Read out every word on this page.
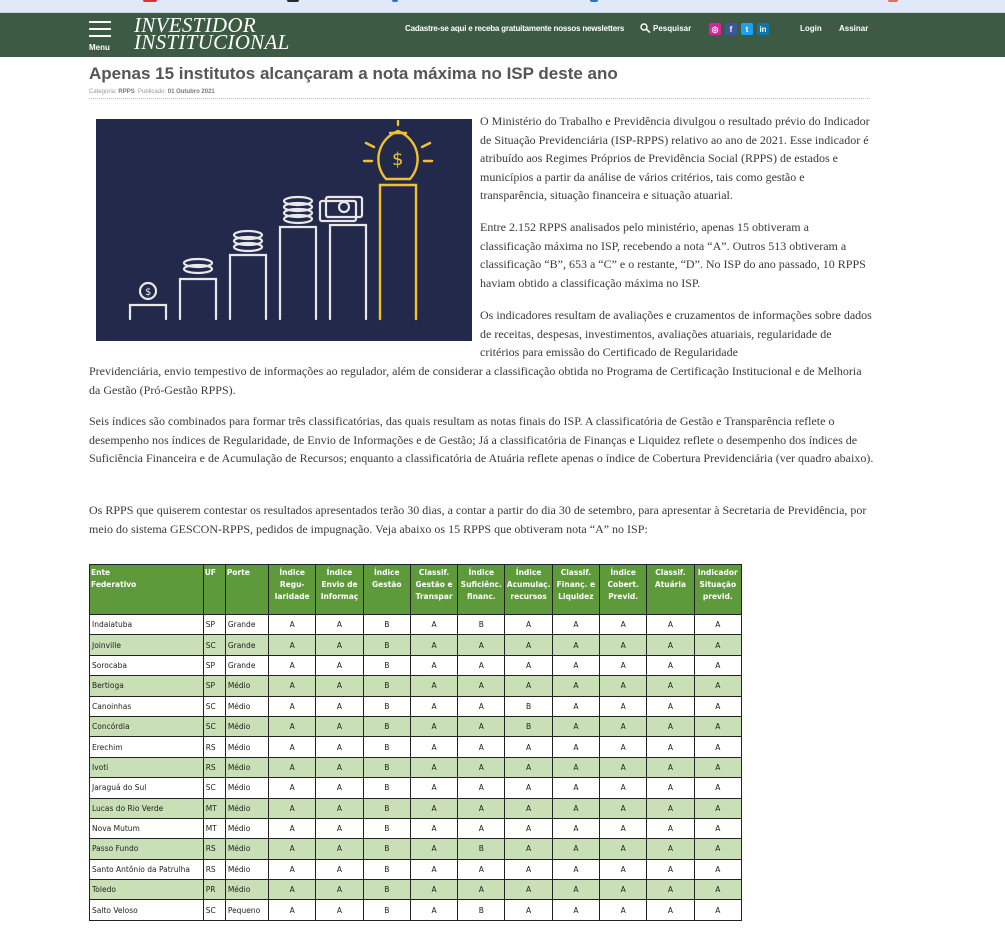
Menu
INVESTIDOR
INSTITUCIONAL
Cadastre-se aqui e receba gratuitamente nossos newsletters	Pesquisar	◎	f	t	in	Login Assinar
Apenas 15 institutos alcançaram a nota máxima no ISP deste ano
Categoria: RPPS Publicado: 01 Outubro 2021
$
$

O Ministério do Trabalho e Previdência divulgou o resultado prévio do Indicador de Situação Previdenciária (ISP-RPPS) relativo ao ano de 2021. Esse indicador é atribuído aos Regimes Próprios de Previdência Social (RPPS) de estados e municípios a partir da análise de vários critérios, tais como gestão e transparência, situação financeira e situação atuarial.

Entre 2.152 RPPS analisados pelo ministério, apenas 15 obtiveram a classificação máxima no ISP, recebendo a nota “A”. Outros 513 obtiveram a classificação “B”, 653 a “C” e o restante, “D”. No ISP do ano passado, 10 RPPS haviam obtido a classificação máxima no ISP.

Os indicadores resultam de avaliações e cruzamentos de informações sobre dados de receitas, despesas, investimentos, avaliações atuariais, regularidade de critérios para emissão do Certificado de Regularidade

Previdenciária, envio tempestivo de informações ao regulador, além de considerar a classificação obtida no Programa de Certificação Institucional e de Melhoria da Gestão (Pró-Gestão RPPS).

Seis índices são combinados para formar três classificatórias, das quais resultam as notas finais do ISP. A classificatória de Gestão e Transparência reflete o desempenho nos índices de Regularidade, de Envio de Informações e de Gestão; Já a classificatória de Finanças e Liquidez reflete o desempenho dos índices de Suficiência Financeira e de Acumulação de Recursos; enquanto a classificatória de Atuária reflete apenas o índice de Cobertura Previdenciária (ver quadro abaixo).

Os RPPS que quiserem contestar os resultados apresentados terão 30 dias, a contar a partir do dia 30 de setembro, para apresentar à Secretaria de Previdência, por meio do sistema GESCON-RPPS, pedidos de impugnação. Veja abaixo os 15 RPPS que obtiveram nota “A” no ISP:

Ente
Federativo	UF	Porte	Índice
Regu-
laridade	Índice
Envio de
Informaç	Índice
Gestão	Classif.
Gestão e
Transpar	Índice
Suficiênc.
financ.	Índice
Acumulaç.
recursos	Classif.
Finanç. e
Liquidez	Índice
Cobert.
Previd.	Classif.
Atuária	Indicador
Situação
previd.
Indaiatuba	SP	Grande	A	A	B	A	B	A	A	A	A	A
Joinville	SC	Grande	A	A	B	A	A	A	A	A	A	A
Sorocaba	SP	Grande	A	A	B	A	A	A	A	A	A	A
Bertioga	SP	Médio	A	A	B	A	A	A	A	A	A	A
Canoinhas	SC	Médio	A	A	B	A	A	B	A	A	A	A
Concórdia	SC	Médio	A	A	B	A	A	B	A	A	A	A
Erechim	RS	Médio	A	A	B	A	A	A	A	A	A	A
Ivoti	RS	Médio	A	A	B	A	A	A	A	A	A	A
Jaraguá do Sul	SC	Médio	A	A	B	A	A	A	A	A	A	A
Lucas do Rio Verde	MT	Médio	A	A	B	A	A	A	A	A	A	A
Nova Mutum	MT	Médio	A	A	B	A	A	A	A	A	A	A
Passo Fundo	RS	Médio	A	A	B	A	B	A	A	A	A	A
Santo Antônio da Patrulha	RS	Médio	A	A	B	A	A	A	A	A	A	A
Toledo	PR	Médio	A	A	B	A	A	A	A	A	A	A
Salto Veloso	SC	Pequeno	A	A	B	A	B	A	A	A	A	A
